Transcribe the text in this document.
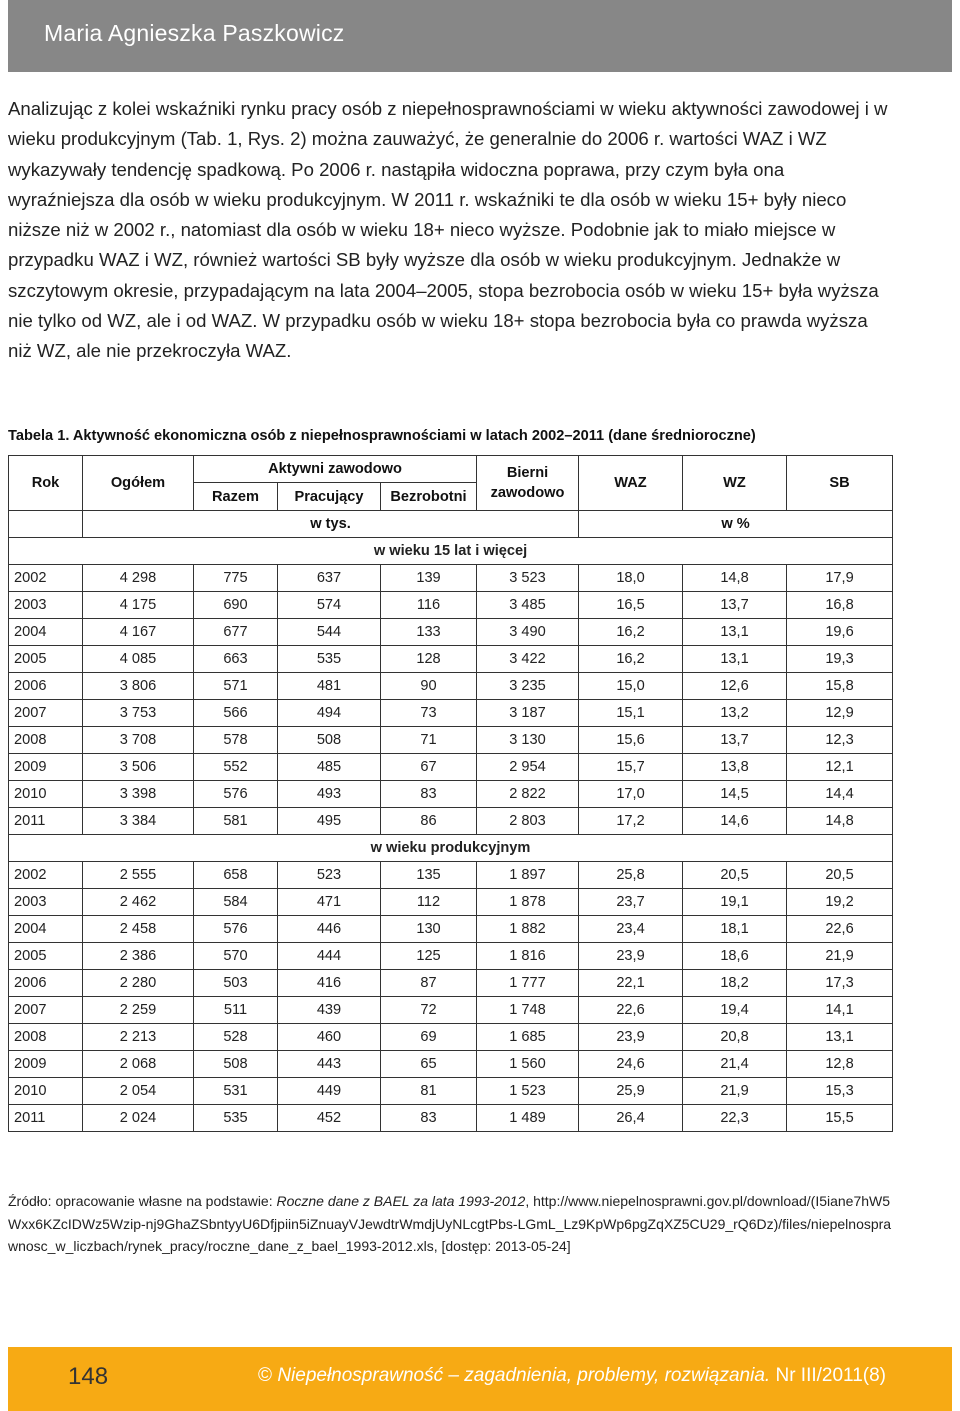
Maria Agnieszka Paszkowicz
Analizując z kolei wskaźniki rynku pracy osób z niepełnosprawnościami w wieku aktywności zawodowej i w wieku produkcyjnym (Tab. 1, Rys. 2) można zauważyć, że generalnie do 2006 r. wartości WAZ i WZ wykazywały tendencję spadkową. Po 2006 r. nastąpiła widoczna poprawa, przy czym była ona wyraźniejsza dla osób w wieku produkcyjnym. W 2011 r. wskaźniki te dla osób w wieku 15+ były nieco niższe niż w 2002 r., natomiast dla osób w wieku 18+ nieco wyższe. Podobnie jak to miało miejsce w przypadku WAZ i WZ, również wartości SB były wyższe dla osób w wieku produkcyjnym. Jednakże w szczytowym okresie, przypadającym na lata 2004–2005, stopa bezrobocia osób w wieku 15+ była wyższa nie tylko od WZ, ale i od WAZ. W przypadku osób w wieku 18+ stopa bezrobocia była co prawda wyższa niż WZ, ale nie przekroczyła WAZ.
Tabela 1. Aktywność ekonomiczna osób z niepełnosprawnościami w latach 2002–2011 (dane średnioroczne)
Rok	Ogółem	Aktywni zawodowo			Bierni zawodowo	WAZ	WZ	SB
		Razem	Pracujący	Bezrobotni				
	w tys.					w %		
w wieku 15 lat i więcej								
2002	4 298	775	637	139	3 523	18,0	14,8	17,9
2003	4 175	690	574	116	3 485	16,5	13,7	16,8
2004	4 167	677	544	133	3 490	16,2	13,1	19,6
2005	4 085	663	535	128	3 422	16,2	13,1	19,3
2006	3 806	571	481	90	3 235	15,0	12,6	15,8
2007	3 753	566	494	73	3 187	15,1	13,2	12,9
2008	3 708	578	508	71	3 130	15,6	13,7	12,3
2009	3 506	552	485	67	2 954	15,7	13,8	12,1
2010	3 398	576	493	83	2 822	17,0	14,5	14,4
2011	3 384	581	495	86	2 803	17,2	14,6	14,8
w wieku produkcyjnym								
2002	2 555	658	523	135	1 897	25,8	20,5	20,5
2003	2 462	584	471	112	1 878	23,7	19,1	19,2
2004	2 458	576	446	130	1 882	23,4	18,1	22,6
2005	2 386	570	444	125	1 816	23,9	18,6	21,9
2006	2 280	503	416	87	1 777	22,1	18,2	17,3
2007	2 259	511	439	72	1 748	22,6	19,4	14,1
2008	2 213	528	460	69	1 685	23,9	20,8	13,1
2009	2 068	508	443	65	1 560	24,6	21,4	12,8
2010	2 054	531	449	81	1 523	25,9	21,9	15,3
2011	2 024	535	452	83	1 489	26,4	22,3	15,5
Źródło: opracowanie własne na podstawie: Roczne dane z BAEL za lata 1993-2012, http://www.niepelnosprawni.gov.pl/download/(I5iane7hW5Wxx6KZcIDWz5Wzip-nj9GhaZSbntyyU6Dfjpiin5iZnuayVJewdtrWmdjUyNLcgtPbs-LGmL_Lz9KpWp6pgZqXZ5CU29_rQ6Dz)/files/niepelnosprawnosc_w_liczbach/rynek_pracy/roczne_dane_z_bael_1993-2012.xls, [dostęp: 2013-05-24]
148	© Niepełnosprawność – zagadnienia, problemy, rozwiązania. Nr III/2011(8)
